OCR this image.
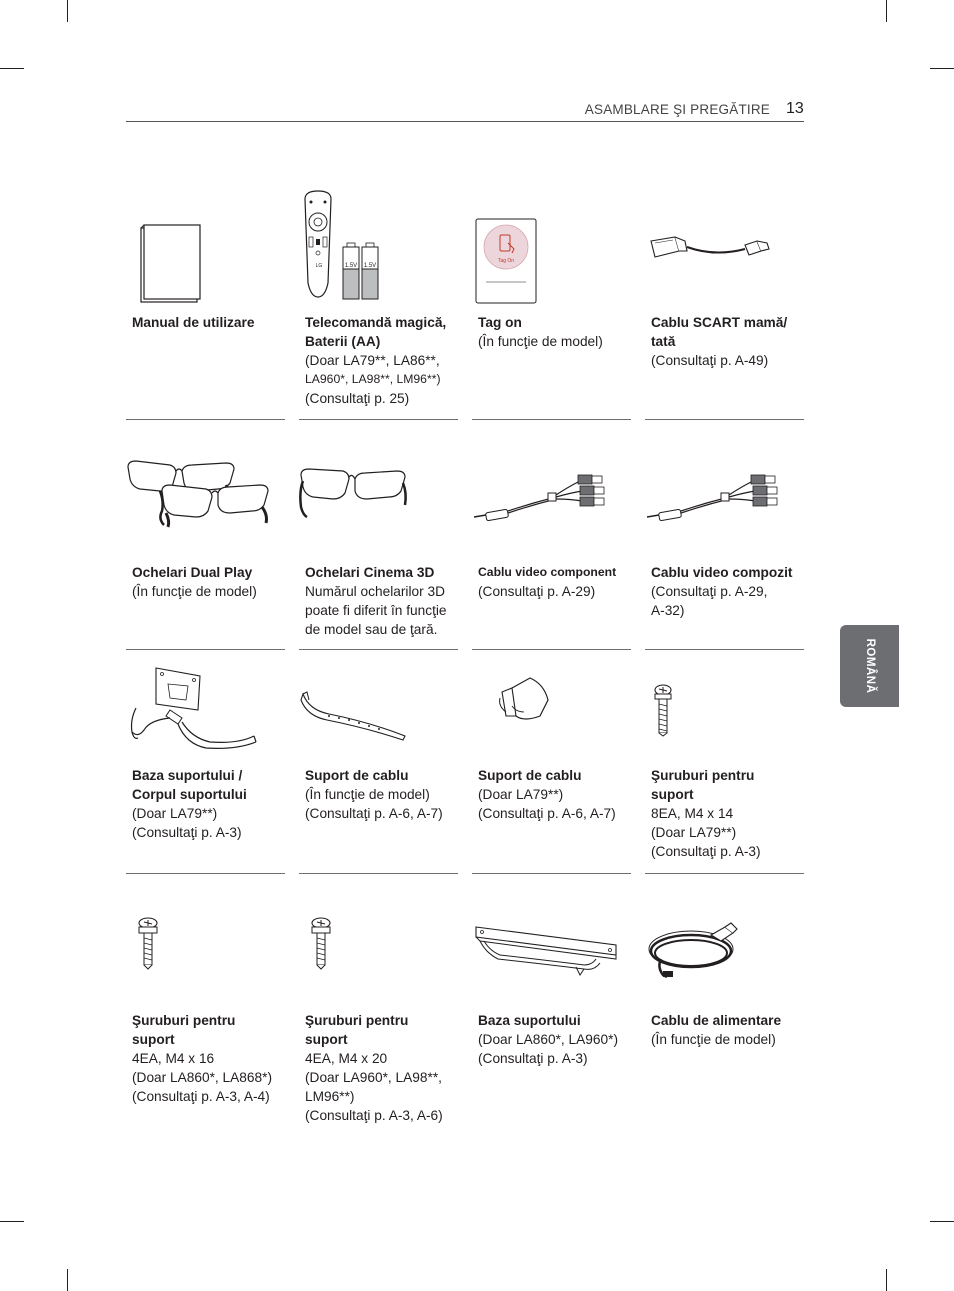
ASAMBLARE ŞI PREGĂTIRE 13
ROMÂNĂ
Manual de utilizare
LG	1.5V 1.5V
Telecomandă magică,
Baterii (AA)
(Doar LA79**, LA86**,
LA960*, LA98**, LM96**)
(Consultaţi p. 25)
Tag On
Tag on
(În funcţie de model)
Cablu SCART mamă/
tată
(Consultaţi p. A-49)
Ochelari Dual Play
(În funcţie de model)
Ochelari Cinema 3D
Numărul ochelarilor 3D
poate fi diferit în funcţie
de model sau de ţară.
Cablu video component
(Consultaţi p. A-29)
Cablu video compozit
(Consultaţi p. A-29,
A-32)
Baza suportului /
Corpul suportului
(Doar LA79**)
(Consultaţi p. A-3)
Suport de cablu
(În funcţie de model)
(Consultaţi p. A-6, A-7)
Suport de cablu
(Doar LA79**)
(Consultaţi p. A-6, A-7)
Şuruburi pentru
suport
8EA, M4 x 14
(Doar LA79**)
(Consultaţi p. A-3)
Şuruburi pentru
suport
4EA, M4 x 16
(Doar LA860*, LA868*)
(Consultaţi p. A-3, A-4)
Şuruburi pentru
suport
4EA, M4 x 20
(Doar LA960*, LA98**,
LM96**)
(Consultaţi p. A-3, A-6)
Baza suportului
(Doar LA860*, LA960*)
(Consultaţi p. A-3)
Cablu de alimentare
(În funcţie de model)
